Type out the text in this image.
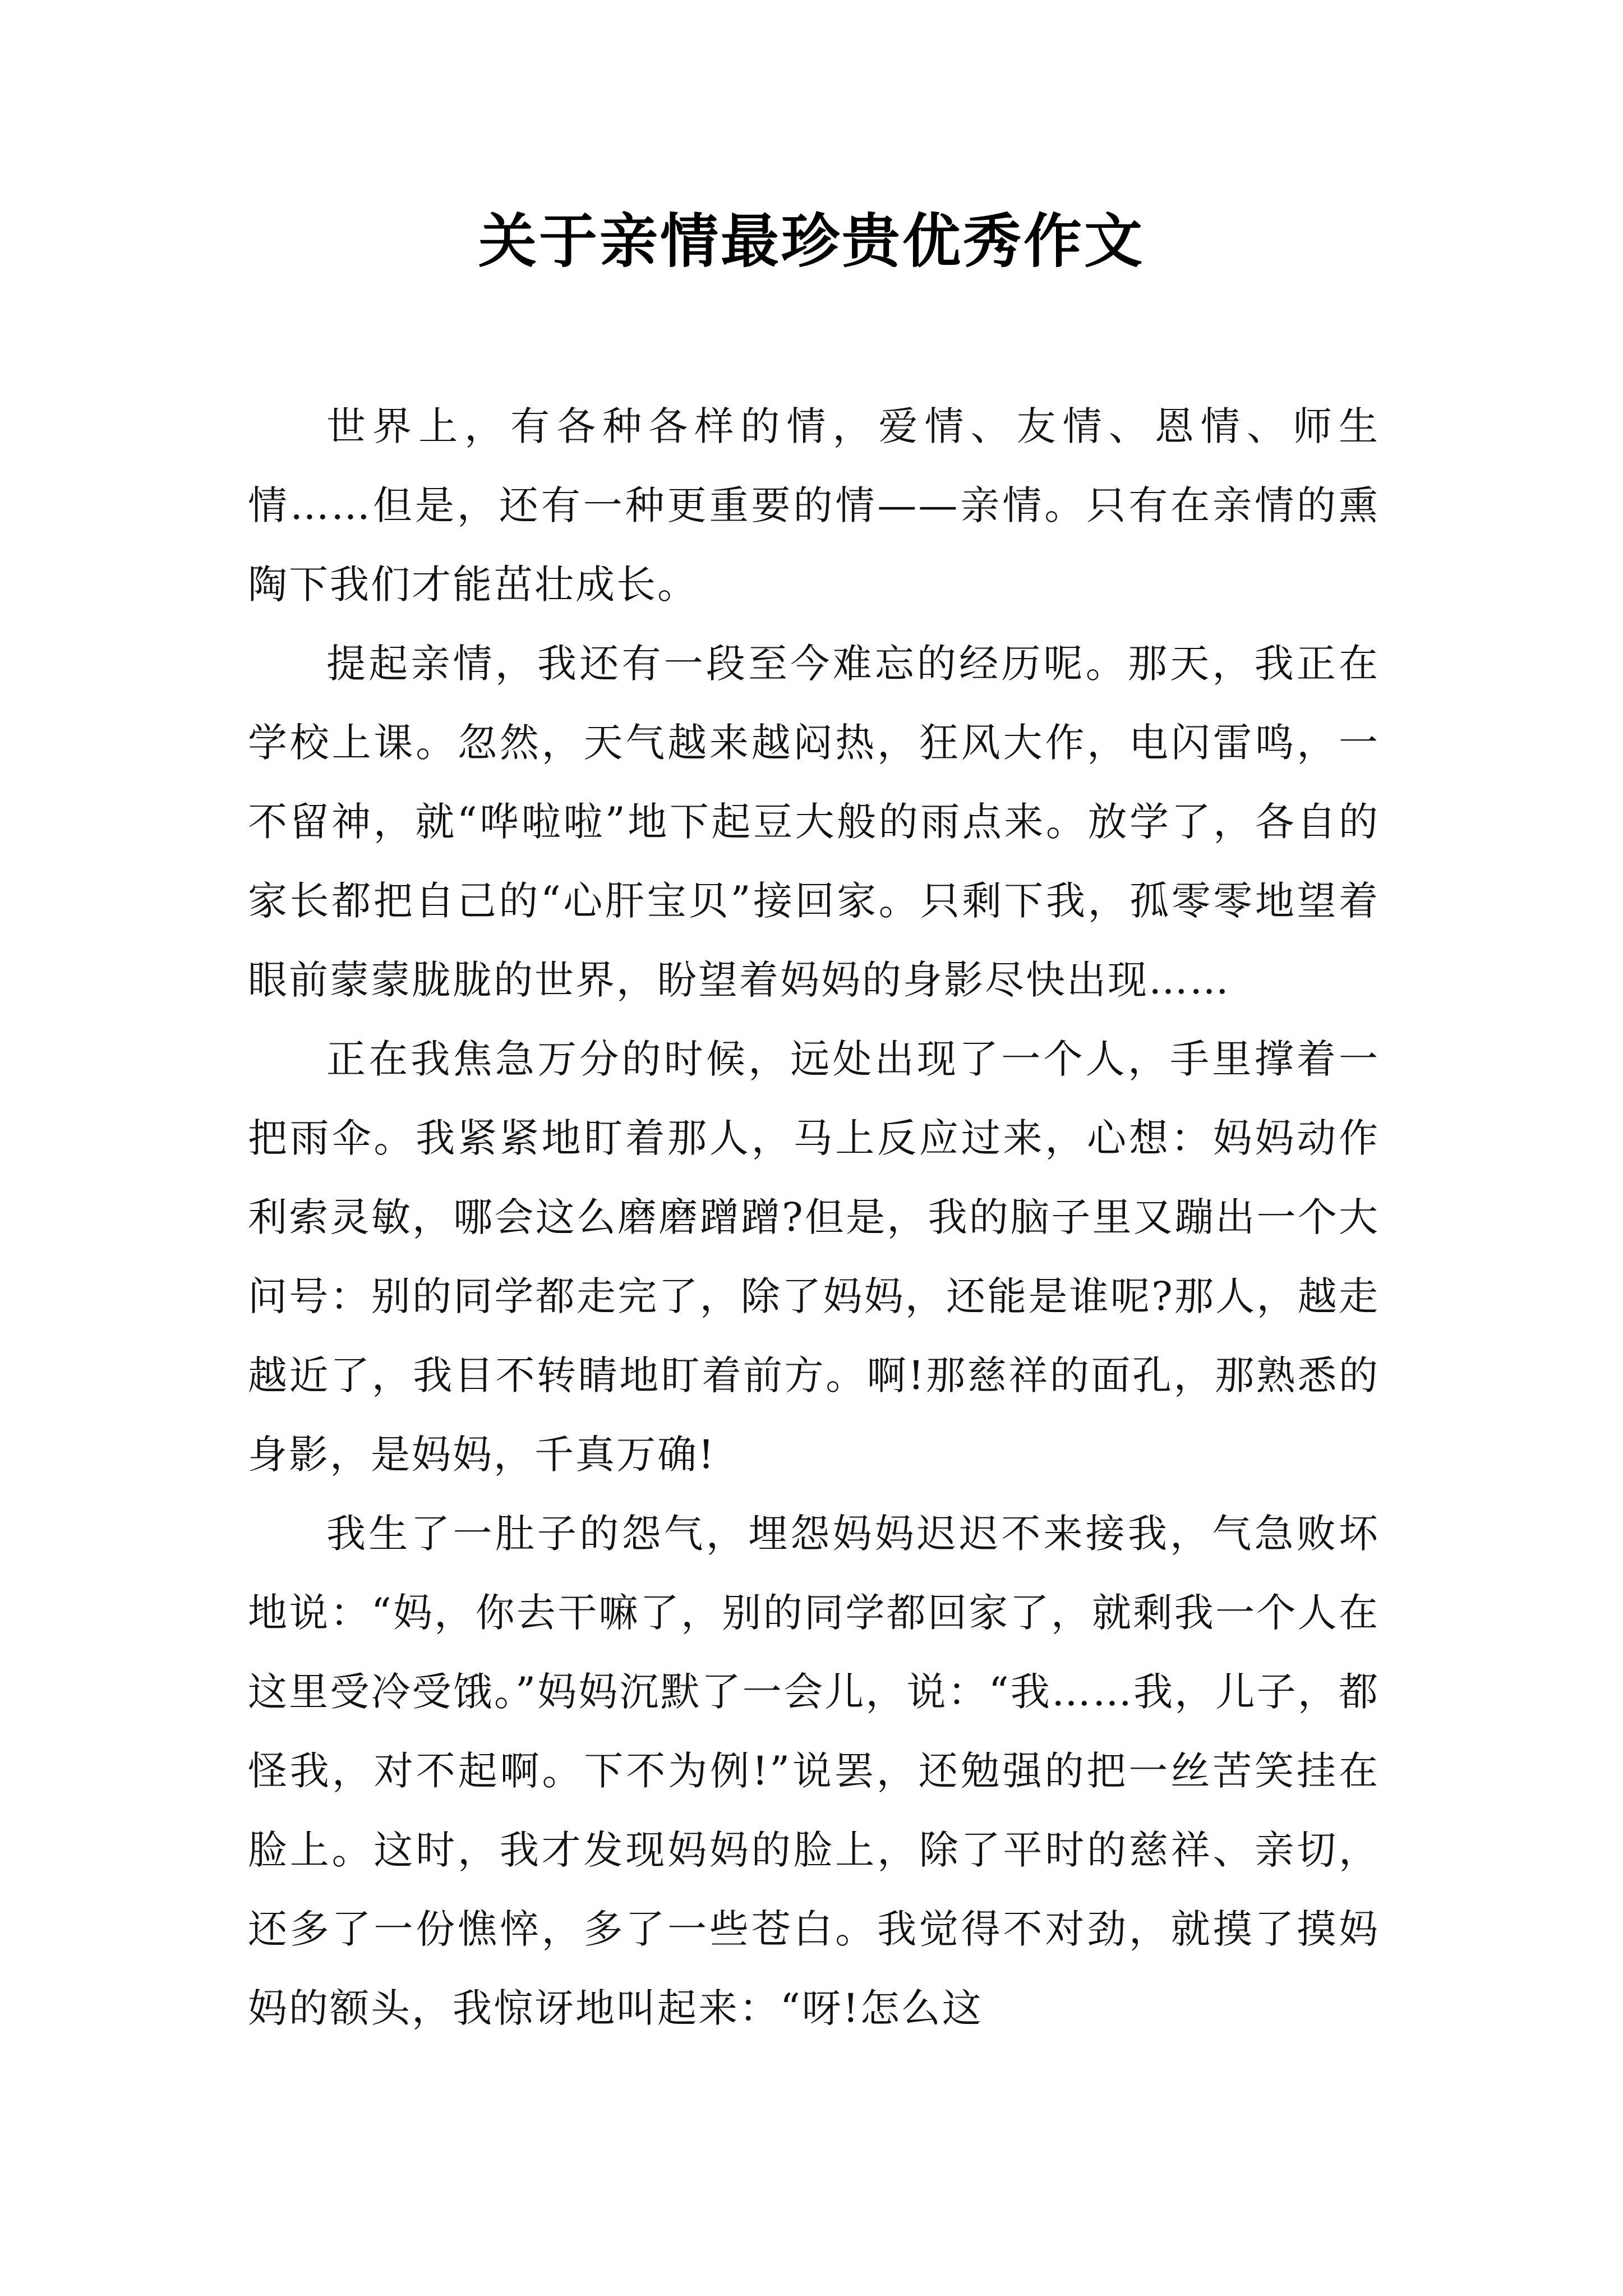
关于亲情最珍贵优秀作文

世界上，有各种各样的情，爱情、友情、恩情、师生情……但是，还有一种更重要的情——亲情。只有在亲情的熏陶下我们才能茁壮成长。

提起亲情，我还有一段至今难忘的经历呢。那天，我正在学校上课。忽然，天气越来越闷热，狂风大作，电闪雷鸣，一不留神，就“哗啦啦”地下起豆大般的雨点来。放学了，各自的家长都把自己的“心肝宝贝”接回家。只剩下我，孤零零地望着眼前蒙蒙胧胧的世界，盼望着妈妈的身影尽快出现……

正在我焦急万分的时候，远处出现了一个人，手里撑着一把雨伞。我紧紧地盯着那人，马上反应过来，心想：妈妈动作利索灵敏，哪会这么磨磨蹭蹭?但是，我的脑子里又蹦出一个大问号：别的同学都走完了，除了妈妈，还能是谁呢?那人，越走越近了，我目不转睛地盯着前方。啊!那慈祥的面孔，那熟悉的身影，是妈妈，千真万确!

我生了一肚子的怨气，埋怨妈妈迟迟不来接我，气急败坏地说：“妈，你去干嘛了，别的同学都回家了，就剩我一个人在这里受冷受饿。”妈妈沉默了一会儿，说：“我……我，儿子，都怪我，对不起啊。下不为例!”说罢，还勉强的把一丝苦笑挂在脸上。这时，我才发现妈妈的脸上，除了平时的慈祥、亲切，还多了一份憔悴，多了一些苍白。我觉得不对劲，就摸了摸妈妈的额头，我惊讶地叫起来：“呀!怎么这
